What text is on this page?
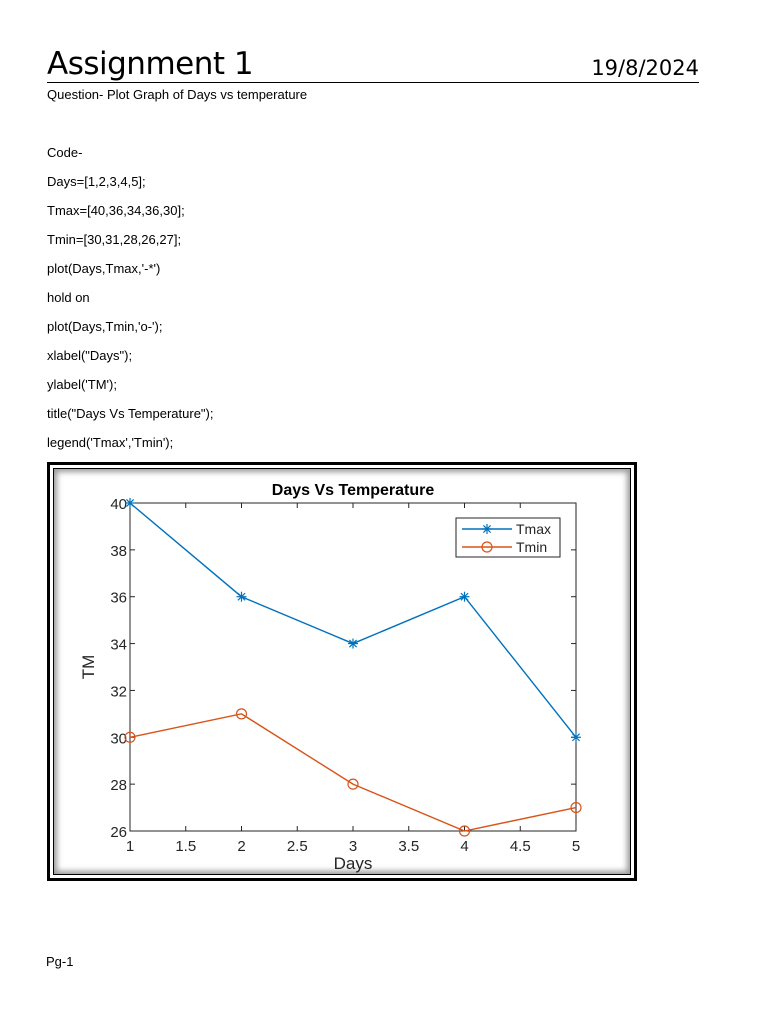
Assignment 1	19/8/2024
Question- Plot Graph of Days vs temperature
Code-
Days=[1,2,3,4,5];
Tmax=[40,36,34,36,30];
Tmin=[30,31,28,26,27];
plot(Days,Tmax,'-*')
hold on
plot(Days,Tmin,'o-');
xlabel("Days");
ylabel('TM');
title("Days Vs Temperature");
legend('Tmax','Tmin');
Days Vs Temperature
1	1.5	2	2.5	3	3.5	4	4.5	5
26
28
30
32
34
36
38
40
Days
TM
Tmax
Tmin
Pg-1
